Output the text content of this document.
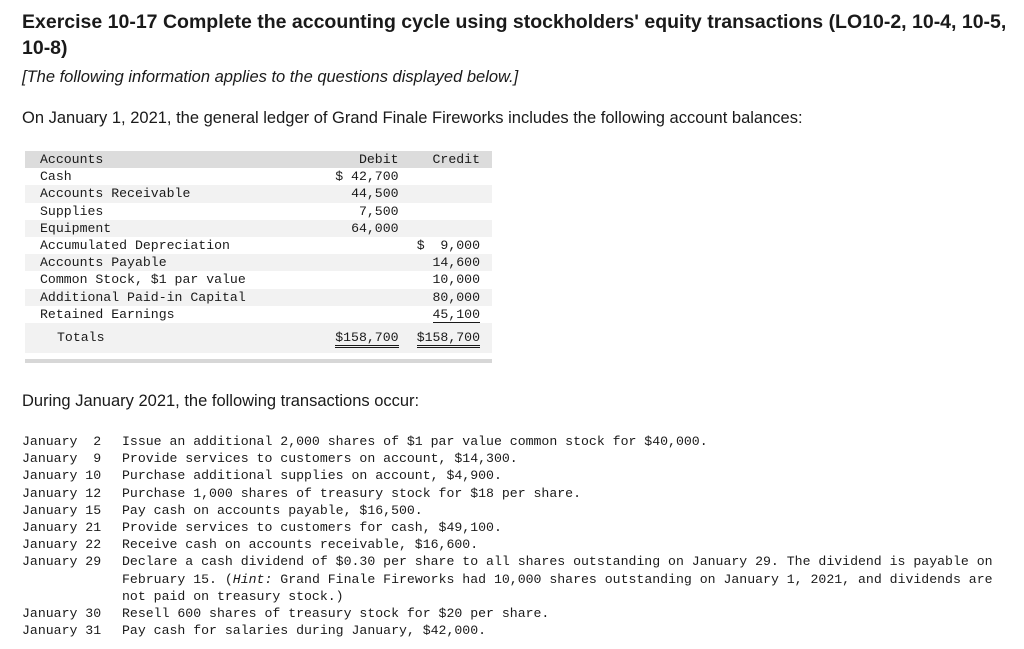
Exercise 10-17 Complete the accounting cycle using stockholders' equity transactions (LO10-2, 10-4, 10-5, 10-8)

[The following information applies to the questions displayed below.]

On January 1, 2021, the general ledger of Grand Finale Fireworks includes the following account balances:

Accounts	Debit	Credit
Cash	$ 42,700	
Accounts Receivable	44,500	
Supplies	7,500	
Equipment	64,000	
Accumulated Depreciation		$  9,000
Accounts Payable		14,600
Common Stock, $1 par value		10,000
Additional Paid-in Capital		80,000
Retained Earnings		45,100
Totals	$158,700	$158,700

During January 2021, the following transactions occur:

January  2	Issue an additional 2,000 shares of $1 par value common stock for $40,000.
January  9	Provide services to customers on account, $14,300.
January 10	Purchase additional supplies on account, $4,900.
January 12	Purchase 1,000 shares of treasury stock for $18 per share.
January 15	Pay cash on accounts payable, $16,500.
January 21	Provide services to customers for cash, $49,100.
January 22	Receive cash on accounts receivable, $16,600.
January 29	Declare a cash dividend of $0.30 per share to all shares outstanding on January 29. The dividend is payable on February 15. (Hint: Grand Finale Fireworks had 10,000 shares outstanding on January 1, 2021, and dividends are not paid on treasury stock.)
January 30	Resell 600 shares of treasury stock for $20 per share.
January 31	Pay cash for salaries during January, $42,000.
